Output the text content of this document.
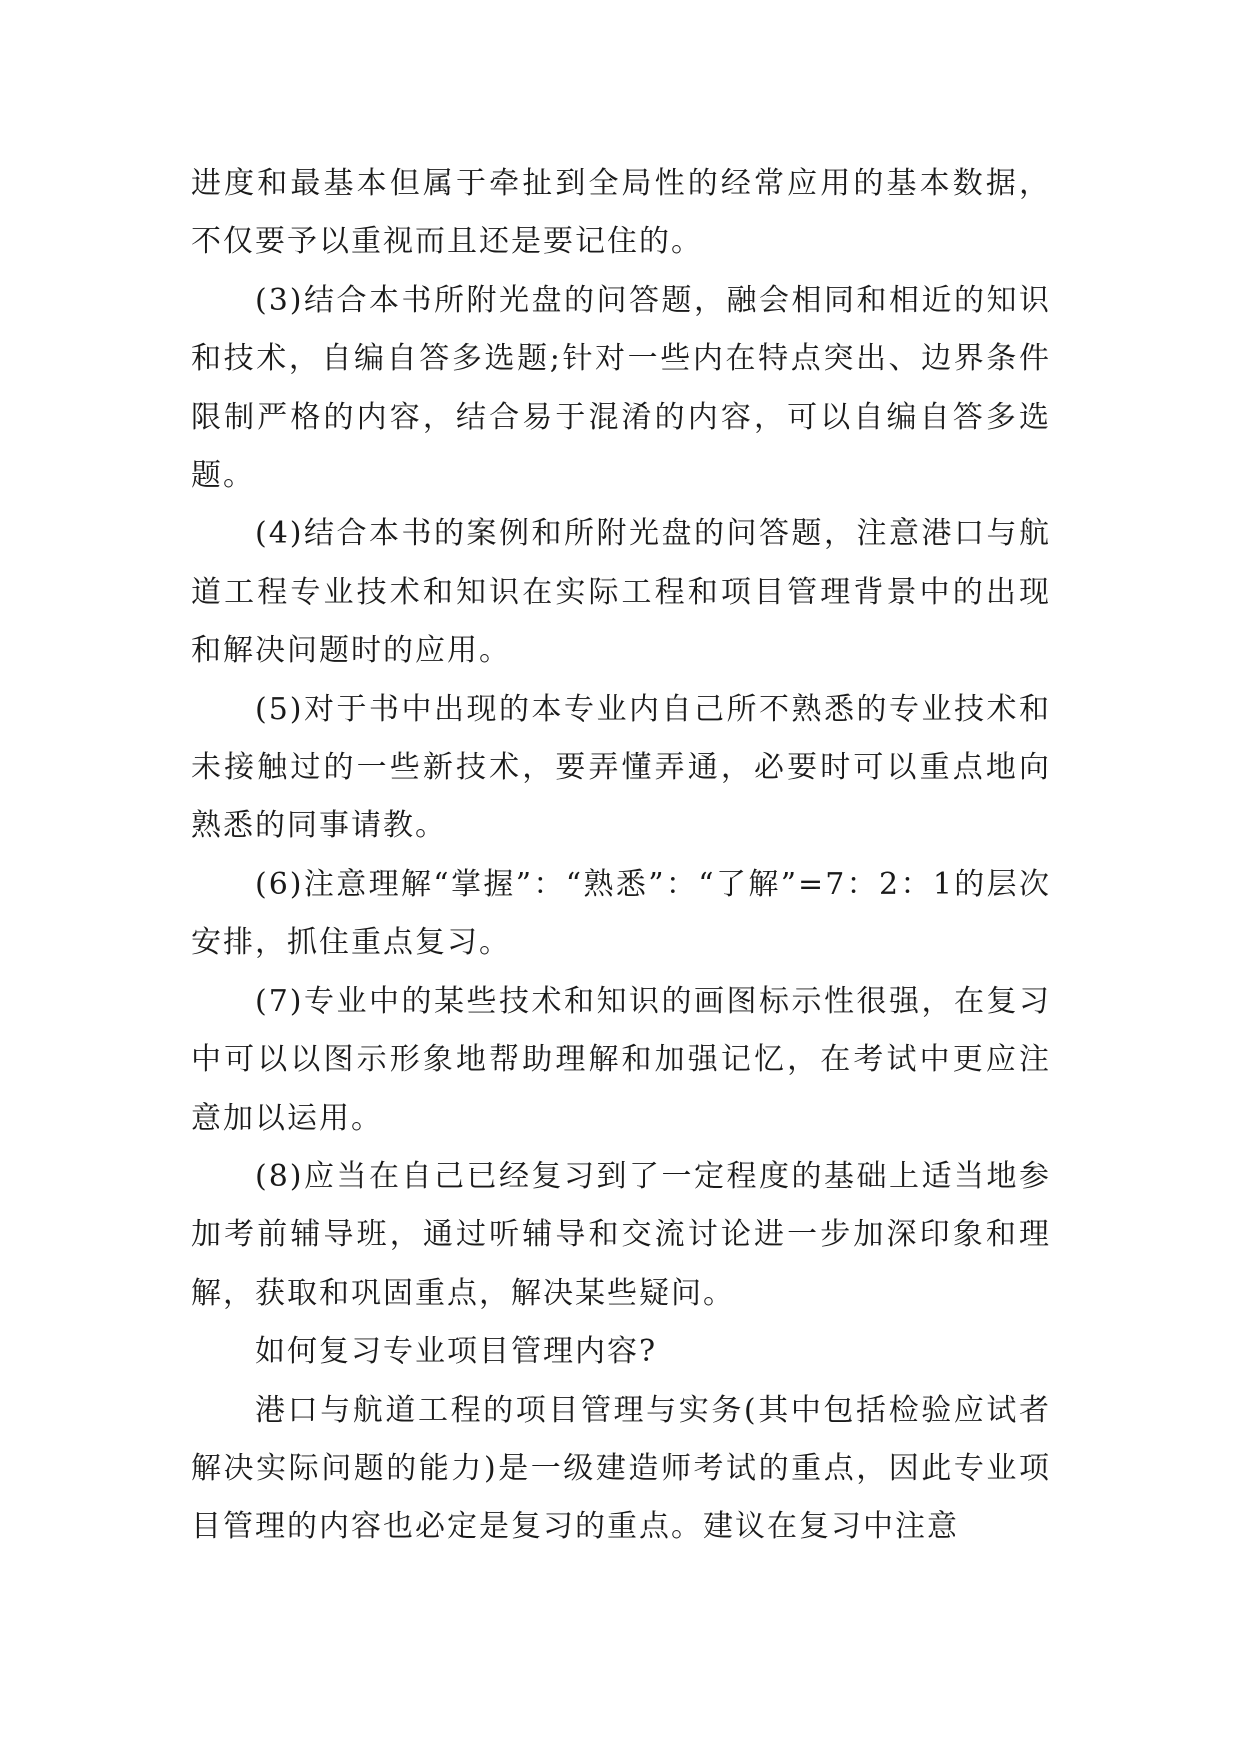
进度和最基本但属于牵扯到全局性的经常应用的基本数据，不仅要予以重视而且还是要记住的。

(3)结合本书所附光盘的问答题，融会相同和相近的知识和技术，自编自答多选题;针对一些内在特点突出、边界条件限制严格的内容，结合易于混淆的内容，可以自编自答多选题。

(4)结合本书的案例和所附光盘的问答题，注意港口与航道工程专业技术和知识在实际工程和项目管理背景中的出现和解决问题时的应用。

(5)对于书中出现的本专业内自己所不熟悉的专业技术和未接触过的一些新技术，要弄懂弄通，必要时可以重点地向熟悉的同事请教。

(6)注意理解“掌握”：“熟悉”：“了解”=7：2：1的层次安排，抓住重点复习。

(7)专业中的某些技术和知识的画图标示性很强，在复习中可以以图示形象地帮助理解和加强记忆，在考试中更应注意加以运用。

(8)应当在自己已经复习到了一定程度的基础上适当地参加考前辅导班，通过听辅导和交流讨论进一步加深印象和理解，获取和巩固重点，解决某些疑问。

如何复习专业项目管理内容?

港口与航道工程的项目管理与实务(其中包括检验应试者解决实际问题的能力)是一级建造师考试的重点，因此专业项目管理的内容也必定是复习的重点。建议在复习中注意
